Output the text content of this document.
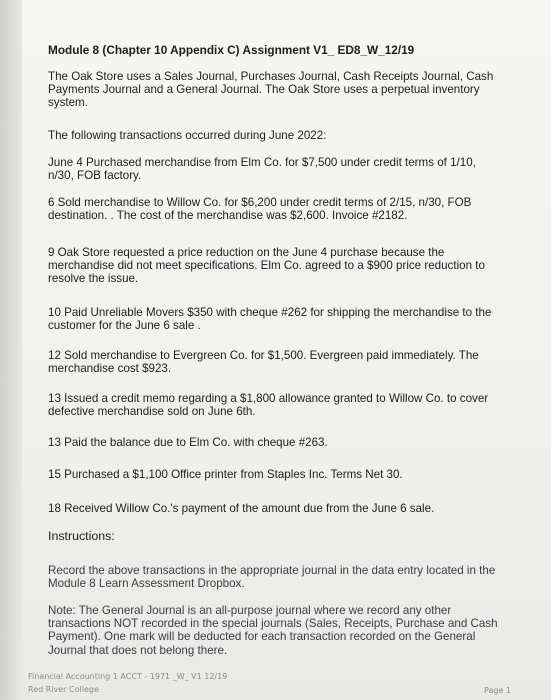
Module 8 (Chapter 10 Appendix C) Assignment V1_ ED8_W_12/19

The Oak Store uses a Sales Journal, Purchases Journal, Cash Receipts Journal, Cash Payments Journal and a General Journal. The Oak Store uses a perpetual inventory system.

The following transactions occurred during June 2022:

June 4 Purchased merchandise from Elm Co. for $7,500 under credit terms of 1/10, n/30, FOB factory.

6 Sold merchandise to Willow Co. for $6,200 under credit terms of 2/15, n/30, FOB destination. . The cost of the merchandise was $2,600. Invoice #2182.

9 Oak Store requested a price reduction on the June 4 purchase because the merchandise did not meet specifications. Elm Co. agreed to a $900 price reduction to resolve the issue.

10 Paid Unreliable Movers $350 with cheque #262 for shipping the merchandise to the customer for the June 6 sale .

12 Sold merchandise to Evergreen Co. for $1,500. Evergreen paid immediately. The merchandise cost $923.

13 Issued a credit memo regarding a $1,800 allowance granted to Willow Co. to cover defective merchandise sold on June 6th.

13 Paid the balance due to Elm Co. with cheque #263.

15 Purchased a $1,100 Office printer from Staples Inc. Terms Net 30.

18 Received Willow Co.'s payment of the amount due from the June 6 sale.

Instructions:

Record the above transactions in the appropriate journal in the data entry located in the Module 8 Learn Assessment Dropbox.

Note: The General Journal is an all-purpose journal where we record any other transactions NOT recorded in the special journals (Sales, Receipts, Purchase and Cash Payment). One mark will be deducted for each transaction recorded on the General Journal that does not belong there.

Financial Accounting 1 ACCT - 1971 _W_ V1 12/19
Red River College	Page 1
